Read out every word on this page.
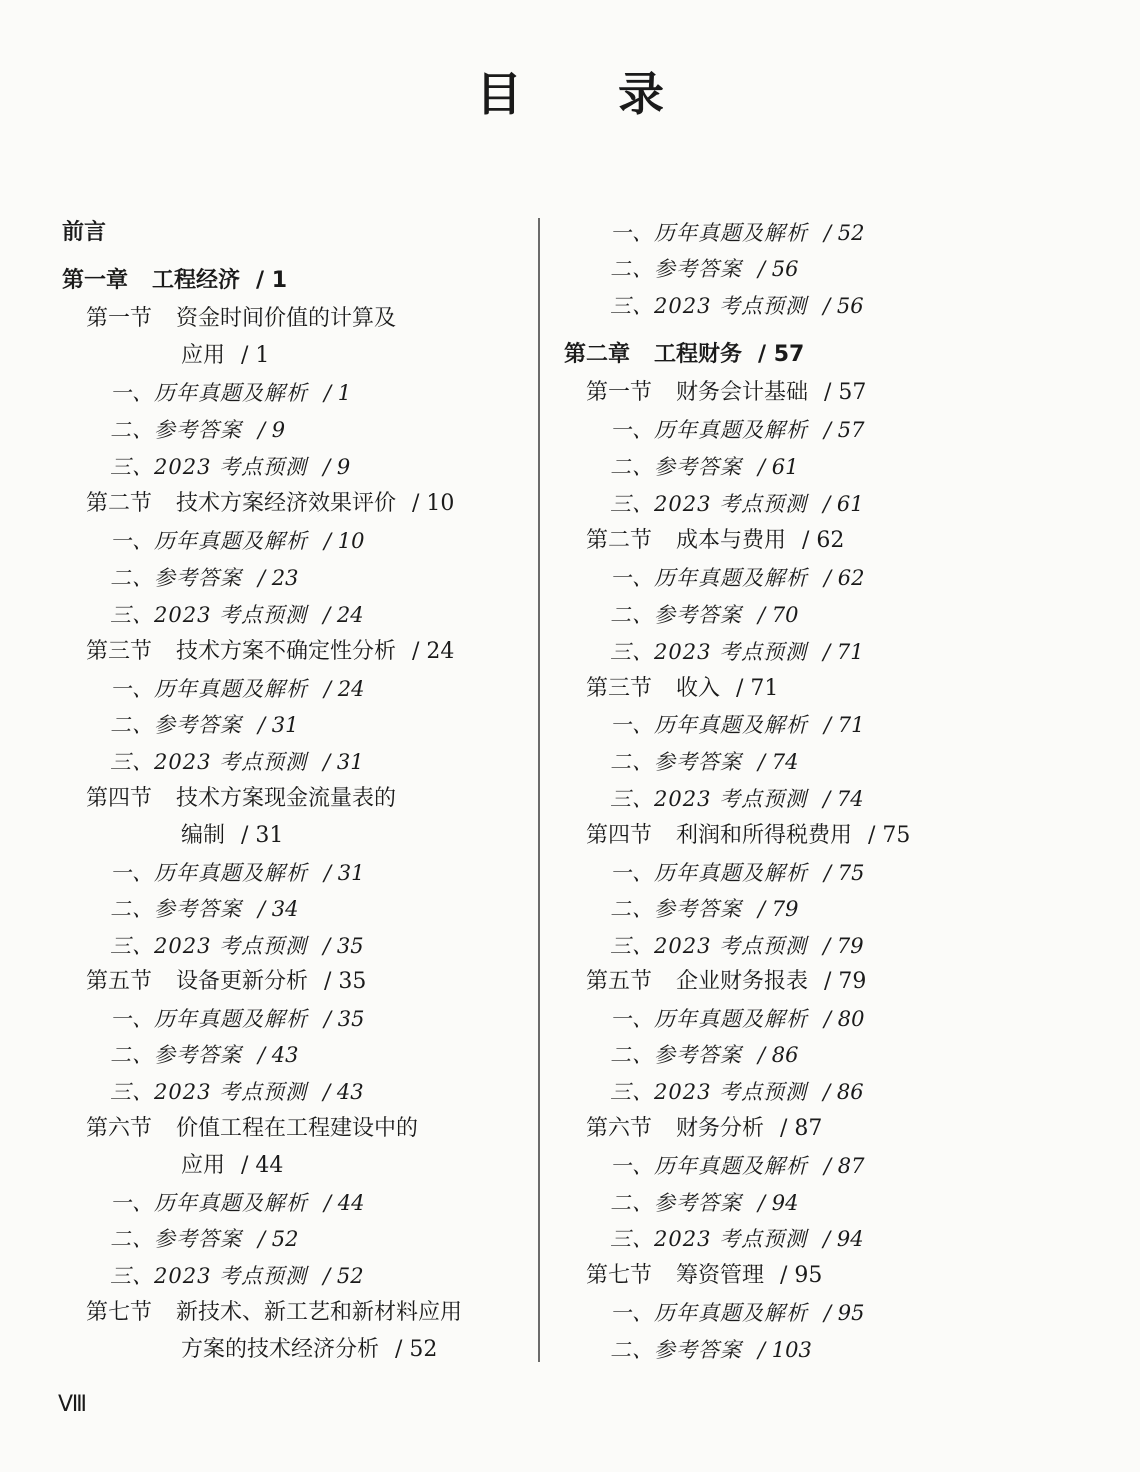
目 录
前言
第一章 工程经济 / 1
第一节 资金时间价值的计算及
应用 / 1
一、历年真题及解析 / 1
二、参考答案 / 9
三、2023 考点预测 / 9
第二节 技术方案经济效果评价 / 10
一、历年真题及解析 / 10
二、参考答案 / 23
三、2023 考点预测 / 24
第三节 技术方案不确定性分析 / 24
一、历年真题及解析 / 24
二、参考答案 / 31
三、2023 考点预测 / 31
第四节 技术方案现金流量表的
编制 / 31
一、历年真题及解析 / 31
二、参考答案 / 34
三、2023 考点预测 / 35
第五节 设备更新分析 / 35
一、历年真题及解析 / 35
二、参考答案 / 43
三、2023 考点预测 / 43
第六节 价值工程在工程建设中的
应用 / 44
一、历年真题及解析 / 44
二、参考答案 / 52
三、2023 考点预测 / 52
第七节 新技术、新工艺和新材料应用
方案的技术经济分析 / 52
一、历年真题及解析 / 52
二、参考答案 / 56
三、2023 考点预测 / 56
第二章 工程财务 / 57
第一节 财务会计基础 / 57
一、历年真题及解析 / 57
二、参考答案 / 61
三、2023 考点预测 / 61
第二节 成本与费用 / 62
一、历年真题及解析 / 62
二、参考答案 / 70
三、2023 考点预测 / 71
第三节 收入 / 71
一、历年真题及解析 / 71
二、参考答案 / 74
三、2023 考点预测 / 74
第四节 利润和所得税费用 / 75
一、历年真题及解析 / 75
二、参考答案 / 79
三、2023 考点预测 / 79
第五节 企业财务报表 / 79
一、历年真题及解析 / 80
二、参考答案 / 86
三、2023 考点预测 / 86
第六节 财务分析 / 87
一、历年真题及解析 / 87
二、参考答案 / 94
三、2023 考点预测 / 94
第七节 筹资管理 / 95
一、历年真题及解析 / 95
二、参考答案 / 103
Ⅷ
